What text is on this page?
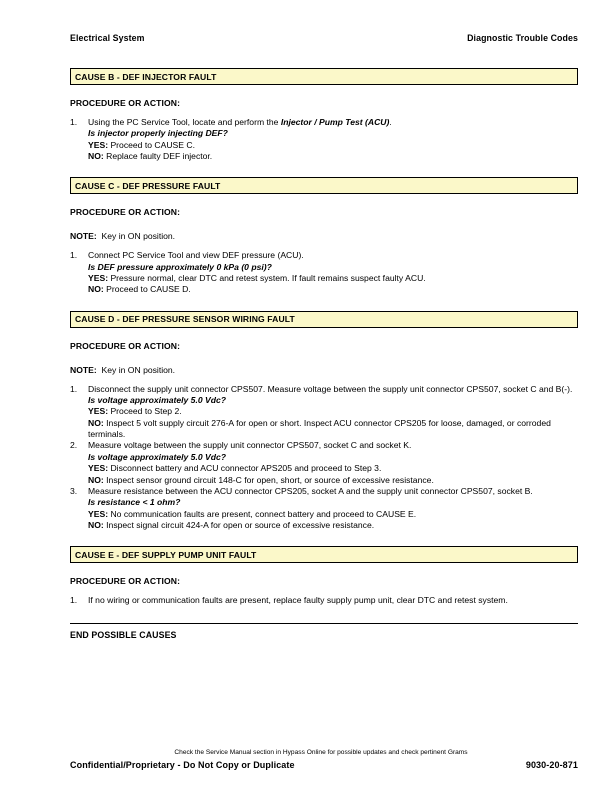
Electrical System	Diagnostic Trouble Codes
CAUSE B - DEF INJECTOR FAULT
PROCEDURE OR ACTION:
1.	Using the PC Service Tool, locate and perform the Injector / Pump Test (ACU).
Is injector properly injecting DEF?
YES: Proceed to CAUSE C.
NO: Replace faulty DEF injector.
CAUSE C - DEF PRESSURE FAULT
PROCEDURE OR ACTION:
NOTE: Key in ON position.
1.	Connect PC Service Tool and view DEF pressure (ACU).
Is DEF pressure approximately 0 kPa (0 psi)?
YES: Pressure normal, clear DTC and retest system. If fault remains suspect faulty ACU.
NO: Proceed to CAUSE D.
CAUSE D - DEF PRESSURE SENSOR WIRING FAULT
PROCEDURE OR ACTION:
NOTE: Key in ON position.
1.	Disconnect the supply unit connector CPS507. Measure voltage between the supply unit connector CPS507, socket C and B(-).
Is voltage approximately 5.0 Vdc?
YES: Proceed to Step 2.
NO: Inspect 5 volt supply circuit 276-A for open or short. Inspect ACU connector CPS205 for loose, damaged, or corroded terminals.
2.	Measure voltage between the supply unit connector CPS507, socket C and socket K.
Is voltage approximately 5.0 Vdc?
YES: Disconnect battery and ACU connector APS205 and proceed to Step 3.
NO: Inspect sensor ground circuit 148-C for open, short, or source of excessive resistance.
3.	Measure resistance between the ACU connector CPS205, socket A and the supply unit connector CPS507, socket B.
Is resistance < 1 ohm?
YES: No communication faults are present, connect battery and proceed to CAUSE E.
NO: Inspect signal circuit 424-A for open or source of excessive resistance.
CAUSE E - DEF SUPPLY PUMP UNIT FAULT
PROCEDURE OR ACTION:
1.	If no wiring or communication faults are present, replace faulty supply pump unit, clear DTC and retest system.
END POSSIBLE CAUSES
Check the Service Manual section in Hypass Online for possible updates and check pertinent Grams
Confidential/Proprietary - Do Not Copy or Duplicate	9030-20-871
